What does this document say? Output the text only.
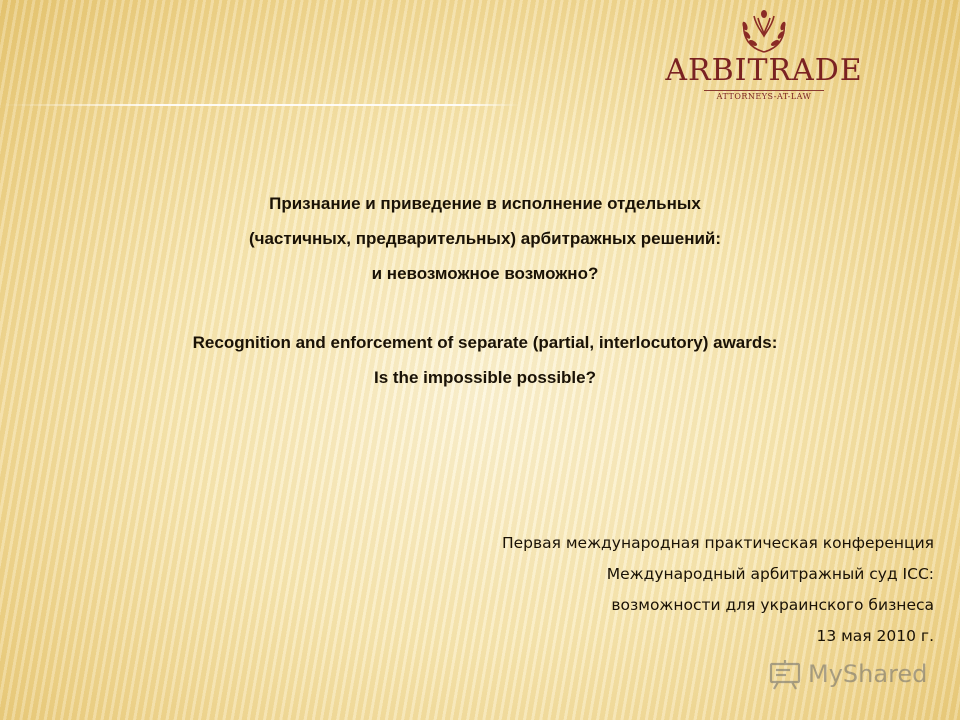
ARBITRADE
ATTORNEYS-AT-LAW
Признание и приведение в исполнение отдельных
(частичных, предварительных) арбитражных решений:
и невозможное возможно?
Recognition and enforcement of separate (partial, interlocutory) awards:
Is the impossible possible?
Первая международная практическая конференция
Международный арбитражный суд ICC:
возможности для украинского бизнеса
13 мая 2010 г.
MyShared
